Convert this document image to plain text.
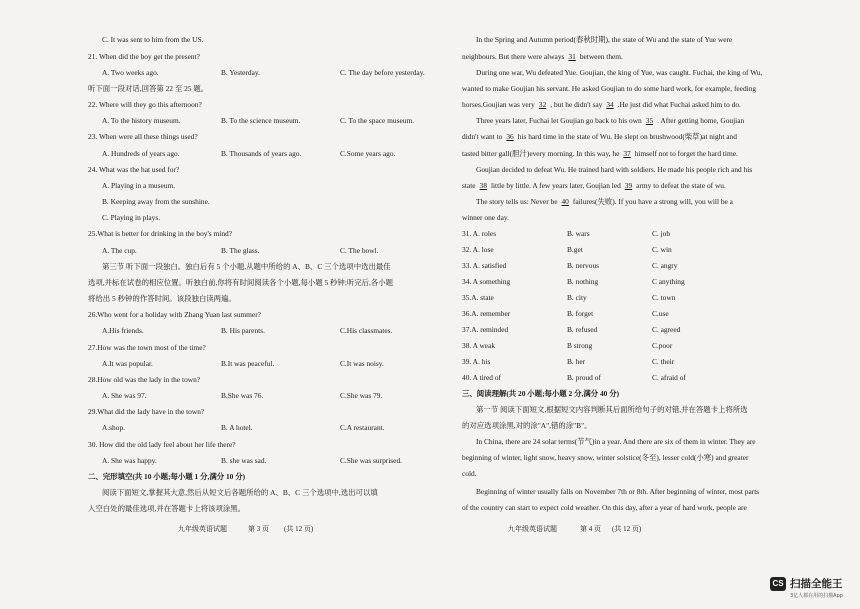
C. It was sent to him from the US.
21. When did the boy get the present?
A. Two weeks ago.	B. Yesterday.	C. The day before yesterday.
听下面一段对话,回答第 22 至 25 题。
22. Where will they go this afternoon?
A. To the history museum.	B. To the science museum.	C. To the space museum.
23. When were all these things used?
A. Hundreds of years ago.	B. Thousands of years ago.	C.Some years ago.
24. What was the hat used for?
A. Playing in a museum.
B. Keeping away from the sunshine.
C. Playing in plays.
25.What is better for drinking in the boy's mind?
A. The cup.	B. The glass.	C. The bowl.
第三节 听下面一段独白。独白后有 5 个小题,从题中所给的 A、B、C 三个选项中选出最佳
选项,并标在试卷的相应位置。听独白前,你将有时间阅读各个小题,每小题 5 秒钟;听完后,各小题
将给出 5 秒钟的作答时间。该段独白读两遍。
26.Who went for a holiday with Zhang Yuan last summer?
A.His friends.	B. His parents.	C.His classmates.
27.How was the town most of the time?
A.It was popular.	B.It was peaceful.	C.It was noisy.
28.How old was the lady in the town?
A. She was 97.	B.She was 76.	C.She was 79.
29.What did the lady have in the town?
A.shop.	B. A hotel.	C.A restaurant.
30. How did the old lady feel about her life there?
A. She was happy.	B. she was sad.	C.She was surprised.
二、完形填空(共 10 小题;每小题 1 分,满分 10 分)
阅读下面短文,掌握其大意,然后从短文后各题所给的 A、B、C 三个选项中,选出可以填
入空白处的最佳选项,并在答题卡上将该项涂黑。
九年级英语试题	第 3 页 (共 12 页)
In the Spring and Autumn period(春秋时期), the state of Wu and the state of Yue were
neighbours. But there were always 31 between them.
During one war, Wu defeated Yue. Goujian, the king of Yue, was caught. Fuchai, the king of Wu,
wanted to make Goujian his servant. He asked Goujian to do some hard work, for example, feeding
horses.Goujian was very 32 , but he didn't say 34 .He just did what Fuchai asked him to do.
Three years later, Fuchai let Goujian go back to his own 35 . After getting home, Goujian
didn't want to 36 his hard time in the state of Wu. He slept on brushwood(柴草)at night and
tasted bitter gall(胆汁)every morning. In this way, he 37 himself not to forget the hard time.
Goujian decided to defeat Wu. He trained hard with soldiers. He made his people rich and his
state 38 little by little. A few years later, Goujian led 39 army to defeat the state of wu.
The story tells us: Never be 40 failures(失败). If you have a strong will, you will be a
winner one day.
31. A. roles	B. wars	C. job
32. A. lose	B.get	C. win
33. A. satisfied	B. nervous	C. angry
34. A something	B. nothing	C anything
35.A. state	B. city	C. town
36.A. remember	B. forget	C.use
37.A. reminded	B. refused	C. agreed
38. A weak	B strong	C.poor
39. A. his	B. her	C. their
40. A tired of	B. proud of	C. afraid of
三、阅读理解(共 20 小题;每小题 2 分,满分 40 分)
第一节 阅读下面短文,根据短文内容判断其后面所给句子的对错,并在答题卡上将所选
的对应选项涂黑,对的涂"A",错的涂"B"。
In China, there are 24 solar terms(节气)in a year. And there are six of them in winter. They are
beginning of winter, light snow, heavy snow, winter solstice(冬至), lesser cold(小寒) and greater
cold.
Beginning of winter usually falls on November 7th or 8th. After beginning of winter, most parts
of the country can start to expect cold weather. On this day, after a year of hard work, people are
九年级英语试题	第 4 页 (共 12 页)
CS 扫描全能王
3亿人都在用的扫描App
